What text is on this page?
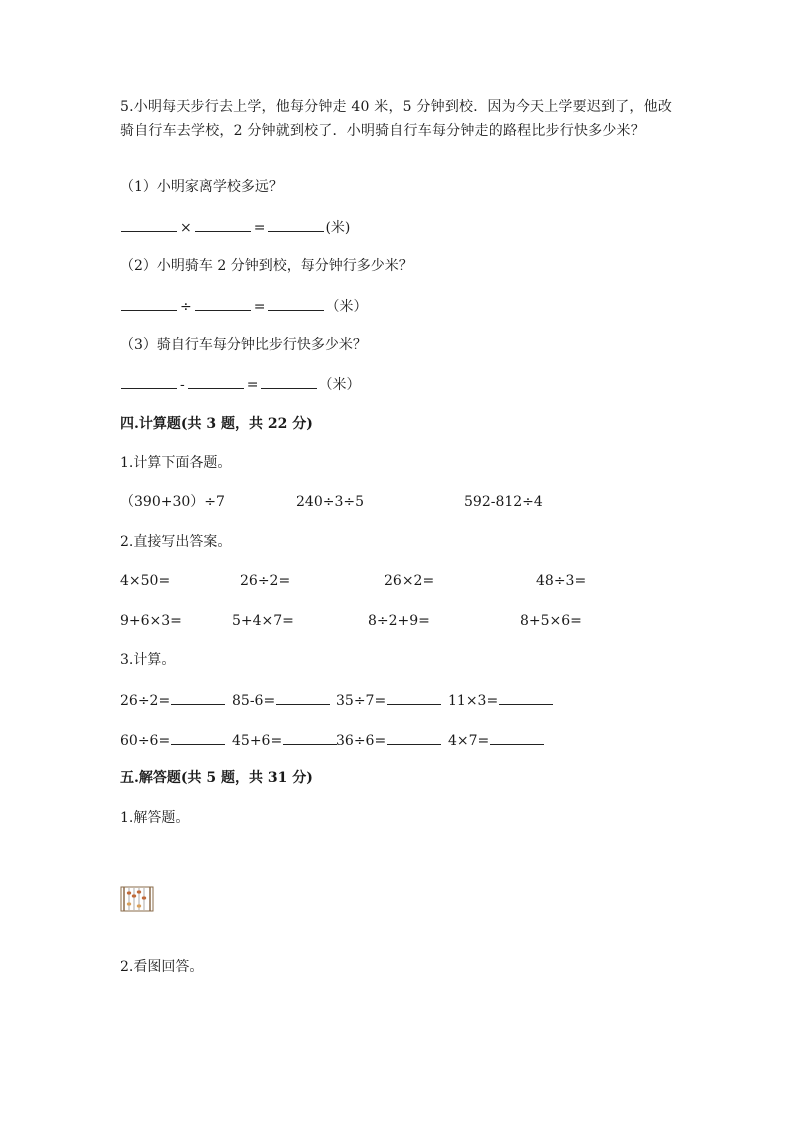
5.小明每天步行去上学，他每分钟走 40 米，5 分钟到校．因为今天上学要迟到了，他改骑自行车去学校，2 分钟就到校了．小明骑自行车每分钟走的路程比步行快多少米？
（1）小明家离学校多远？
×	=	(米)
（2）小明骑车 2 分钟到校，每分钟行多少米？
÷	=	（米）
（3）骑自行车每分钟比步行快多少米？
-	=	（米）
四.计算题(共 3 题，共 22 分)
1.计算下面各题。
（390+30）÷7	240÷3÷5	592-812÷4
2.直接写出答案。
4×50=	26÷2=	26×2=	48÷3=
9+6×3=	5+4×7=	8÷2+9=	8+5×6=
3.计算。
26÷2=	85-6=	35÷7=	11×3=
60÷6=	45+6=	36÷6=	4×7=
五.解答题(共 5 题，共 31 分)
1.解答题。
2.看图回答。
